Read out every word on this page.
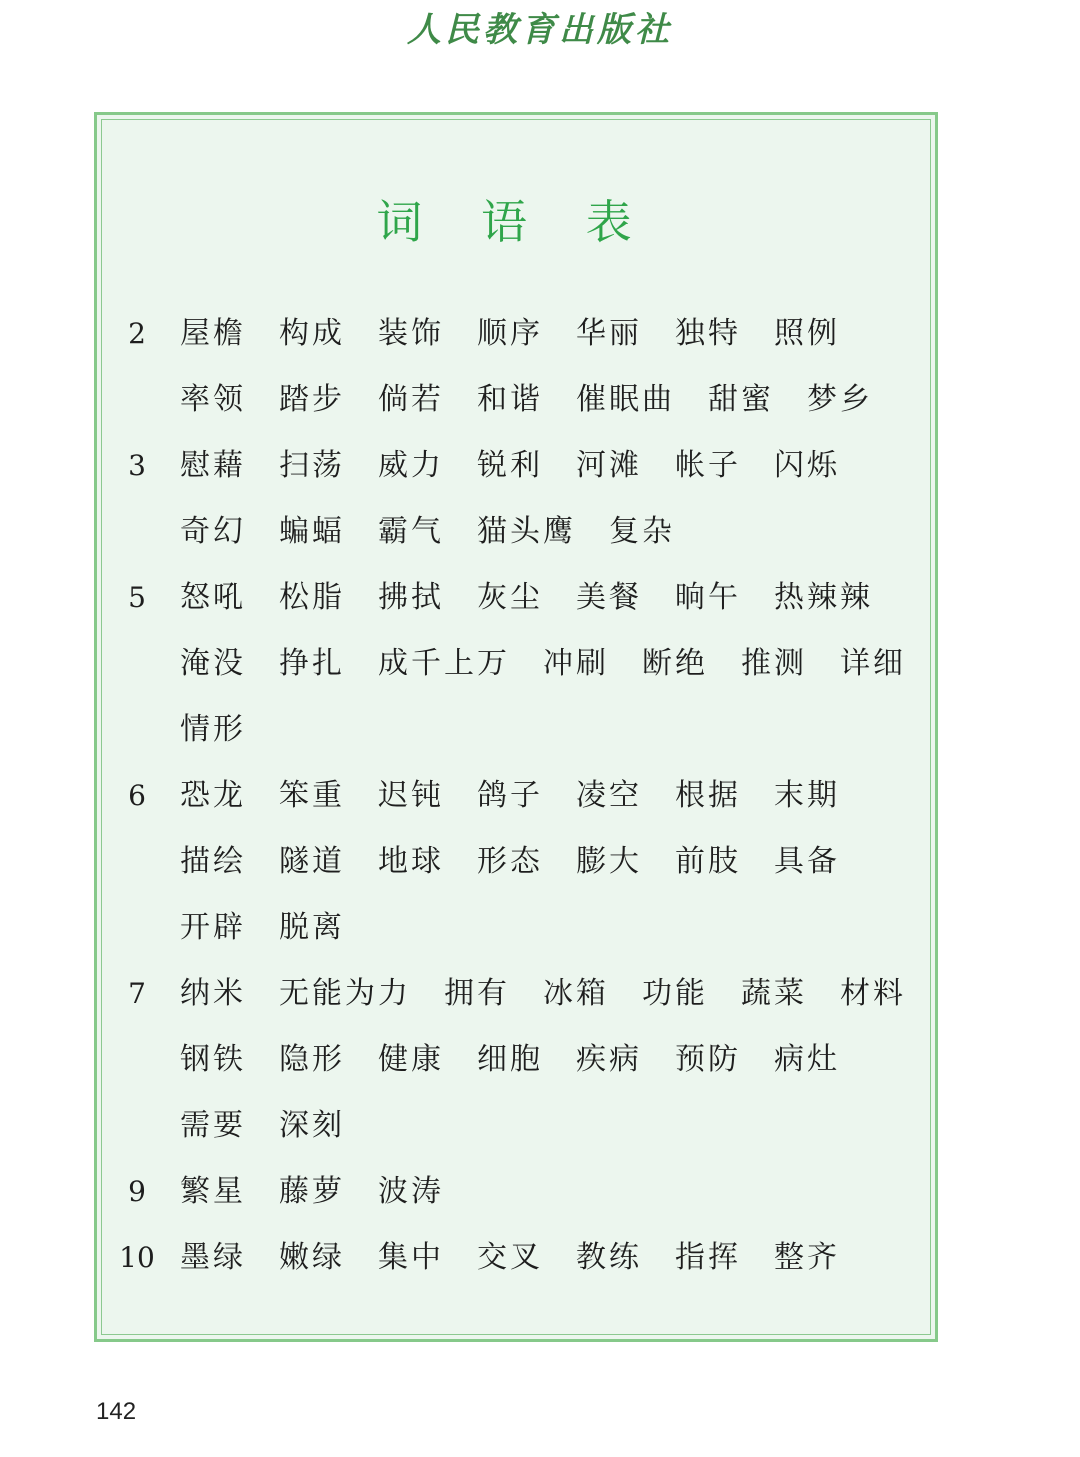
人民教育出版社
词 语 表
2	屋檐 构成 装饰 顺序 华丽 独特 照例
率领 踏步 倘若 和谐 催眠曲 甜蜜 梦乡
3	慰藉 扫荡 威力 锐利 河滩 帐子 闪烁
奇幻 蝙蝠 霸气 猫头鹰 复杂
5	怒吼 松脂 拂拭 灰尘 美餐 晌午 热辣辣
淹没 挣扎 成千上万 冲刷 断绝 推测 详细
情形
6	恐龙 笨重 迟钝 鸽子 凌空 根据 末期
描绘 隧道 地球 形态 膨大 前肢 具备
开辟 脱离
7	纳米 无能为力 拥有 冰箱 功能 蔬菜 材料
钢铁 隐形 健康 细胞 疾病 预防 病灶
需要 深刻
9	繁星 藤萝 波涛
10 墨绿 嫩绿 集中 交叉 教练 指挥 整齐
142
